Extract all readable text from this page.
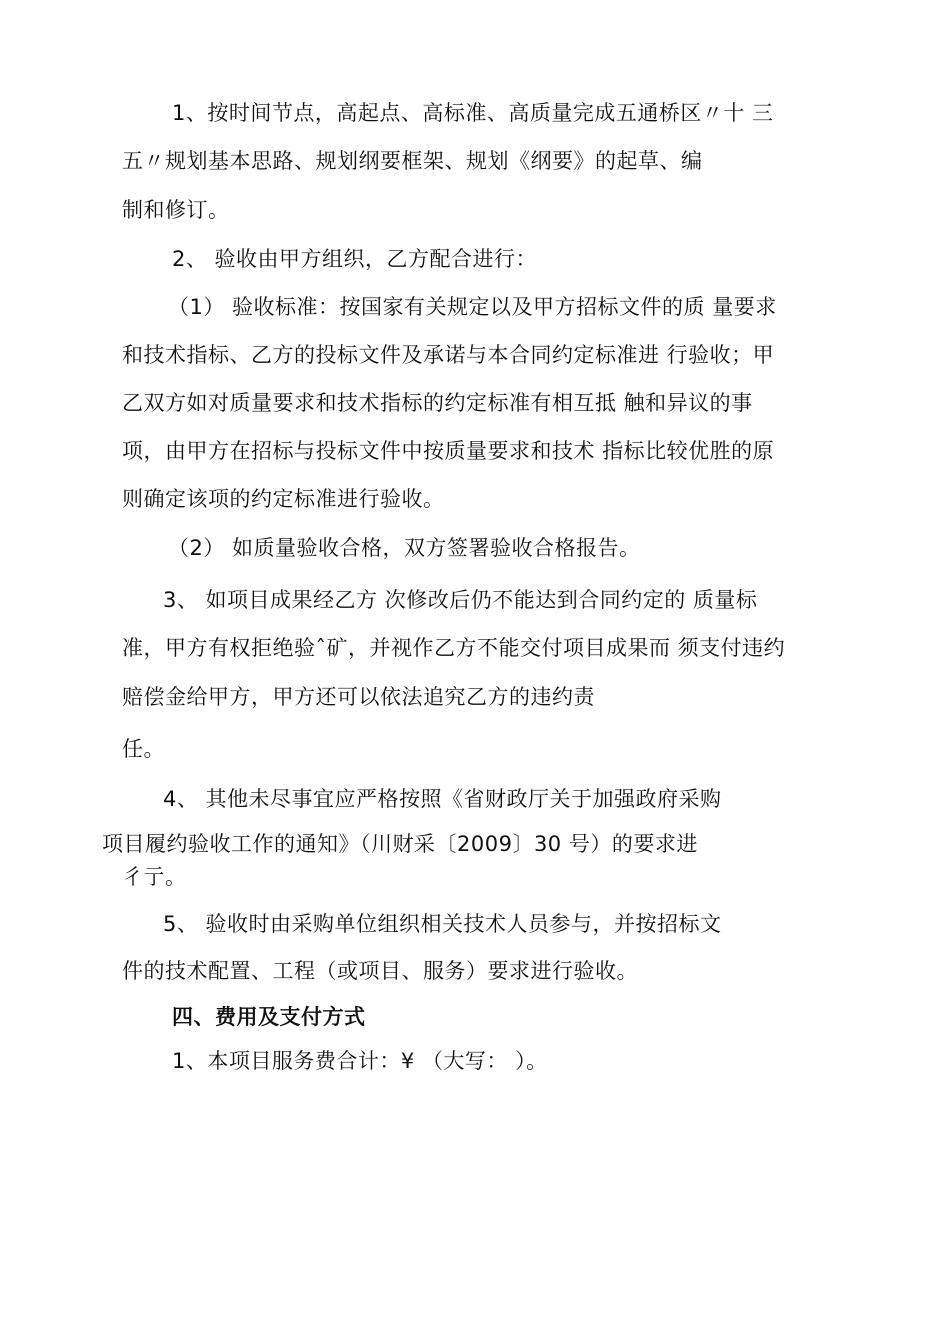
1、按时间节点，高起点、高标准、高质量完成五通桥区〃十 三
五〃规划基本思路、规划纲要框架、规划《纲要》的起草、编
制和修订。
2、 验收由甲方组织，乙方配合进行：
（1） 验收标准：按国家有关规定以及甲方招标文件的质 量要求
和技术指标、乙方的投标文件及承诺与本合同约定标准进 行验收；甲
乙双方如对质量要求和技术指标的约定标准有相互抵 触和异议的事
项，由甲方在招标与投标文件中按质量要求和技术 指标比较优胜的原
则确定该项的约定标准进行验收。
（2） 如质量验收合格，双方签署验收合格报告。
3、 如项目成果经乙方 次修改后仍不能达到合同约定的 质量标
准，甲方有权拒绝验ˆ矿，并视作乙方不能交付项目成果而 须支付违约
赔偿金给甲方，甲方还可以依法追究乙方的违约责
任。
4、 其他未尽事宜应严格按照《省财政厅关于加强政府采购
项目履约验收工作的通知》（川财采〔2009〕30 号）的要求进
彳亍。
5、 验收时由采购单位组织相关技术人员参与，并按招标文
件的技术配置、工程（或项目、服务）要求进行验收。
四、费用及支付方式
1、本项目服务费合计：¥ （大写： ）。
